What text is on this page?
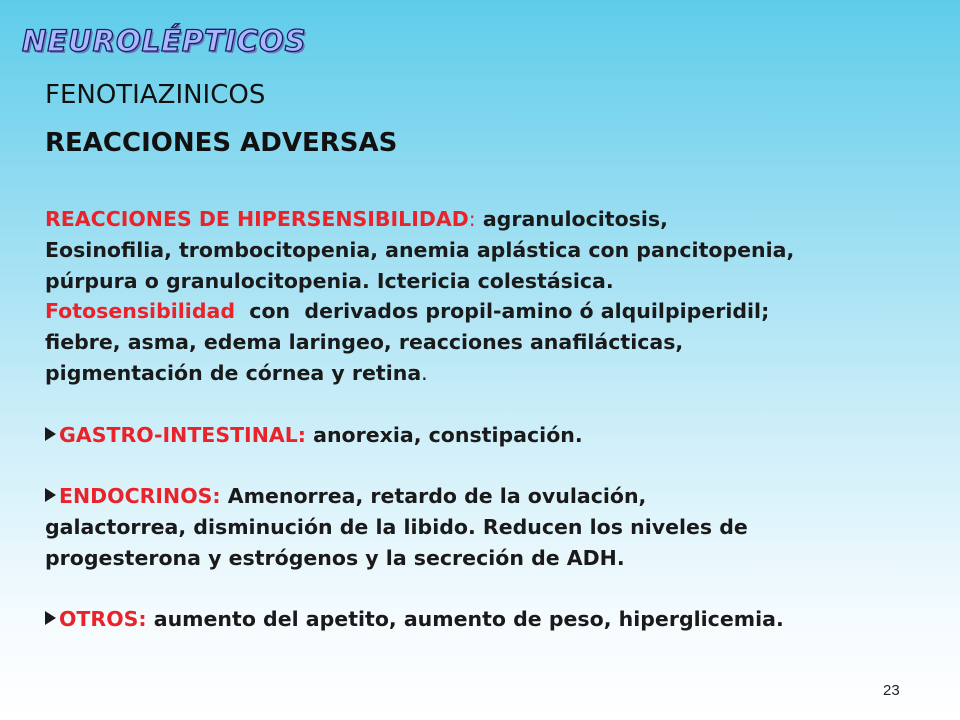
NEUROLÉPTICOS
FENOTIAZINICOS
REACCIONES ADVERSAS
REACCIONES DE HIPERSENSIBILIDAD: agranulocitosis,
Eosinofilia, trombocitopenia, anemia aplástica con pancitopenia,
púrpura o granulocitopenia. Ictericia colestásica.
Fotosensibilidad  con  derivados propil-amino ó alquilpiperidil;
fiebre, asma, edema laringeo, reacciones anafilácticas,
pigmentación de córnea y retina.
GASTRO-INTESTINAL: anorexia, constipación.
ENDOCRINOS: Amenorrea, retardo de la ovulación,
galactorrea, disminución de la libido. Reducen los niveles de
progesterona y estrógenos y la secreción de ADH.
OTROS: aumento del apetito, aumento de peso, hiperglicemia.
23
